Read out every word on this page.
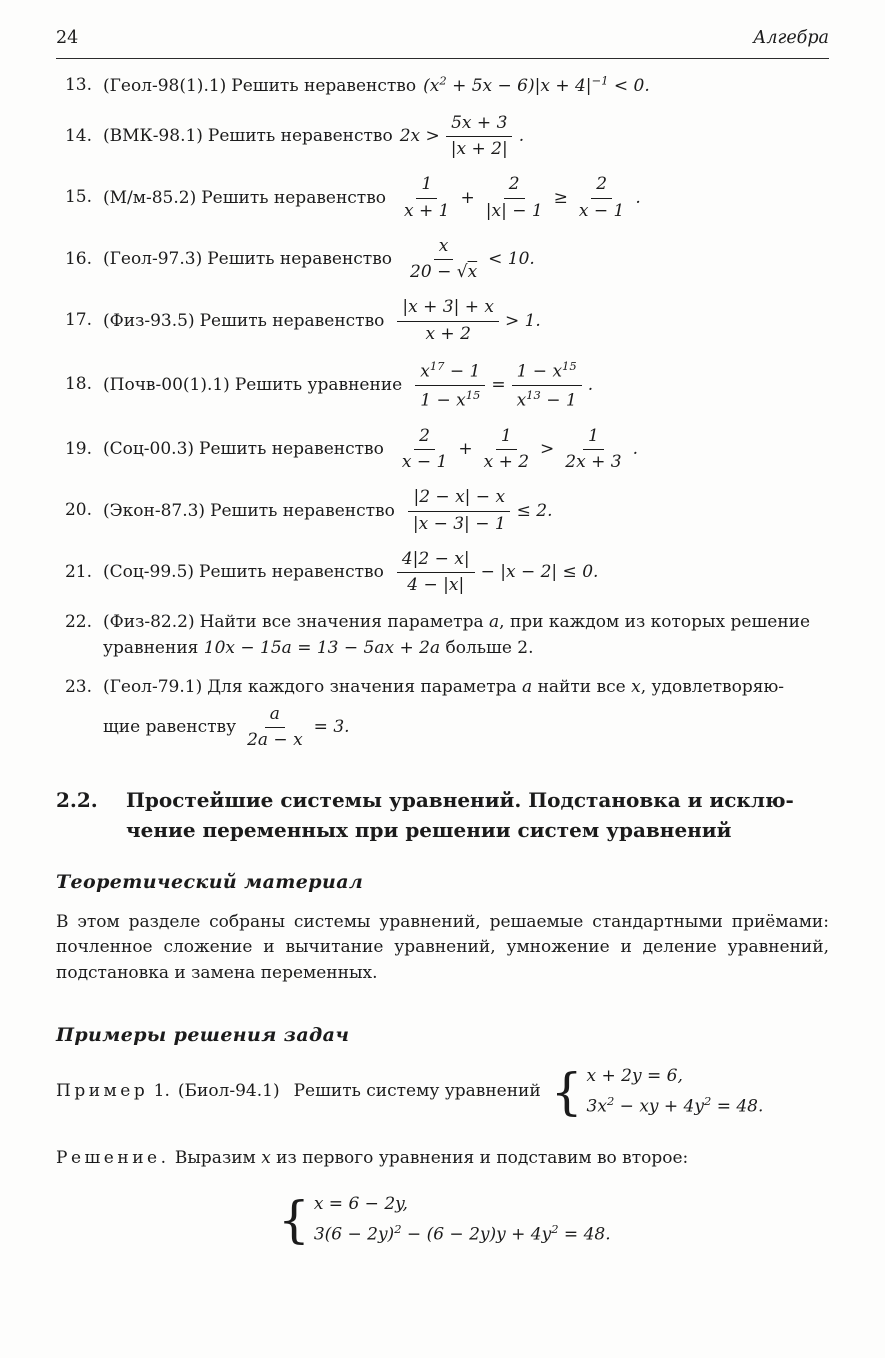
24	Алгебра
13. (Геол-98(1).1) Решить неравенство $(x^2 + 5x - 6)|x + 4|^{-1} < 0$.
14. (ВМК-98.1) Решить неравенство $2x > \frac{5x + 3}{|x + 2|}$ .
15. (М/м-85.2) Решить неравенство $\frac{1}{x + 1} + \frac{2}{|x| - 1} \ge \frac{2}{x - 1}$ .
16. (Геол-97.3) Решить неравенство $\frac{x}{20 - √x} < 10$.
17. (Физ-93.5) Решить неравенство $\frac{|x + 3| + x}{x + 2} > 1$.
18. (Почв-00(1).1) Решить уравнение $\frac{x^{17} - 1}{1 - x^{15}} = \frac{1 - x^{15}}{x^{13} - 1}$ .
19. (Соц-00.3) Решить неравенство $\frac{2}{x - 1} + \frac{1}{x + 2} > \frac{1}{2x + 3}$ .
20. (Экон-87.3) Решить неравенство $\frac{|2 - x| - x}{|x - 3| - 1} \le 2$.
21. (Соц-99.5) Решить неравенство $\frac{4|2 - x|}{4 - |x|} - |x - 2| \le 0$.
22. (Физ-82.2) Найти все значения параметра a, при каждом из которых решение
уравнения 10x − 15a = 13 − 5ax + 2a больше 2.
23. (Геол-79.1) Для каждого значения параметра a найти все x, удовлетворяю-
щие равенству $\frac{a}{2a - x} = 3$.
2.2.	Простейшие системы уравнений. Подстановка и исклю-
чение переменных при решении систем уравнений
Теоретический материал
В этом разделе собраны системы уравнений, решаемые стандартными приёмами: почленное сложение и вычитание уравнений, умножение и деление уравнений, подстановка и замена переменных.
Примеры решения задач
Пример
1. (Биол-94.1) Решить систему уравнений { x + 2y = 6,
$3x^2$ − xy + $4y^2 = 48$.
Решение. Выразим x из первого уравнения и подставим во второе:
{ x = 6 − 2y,
$3(6 - 2y)^2 - (6 - 2y)y + 4y^2 = 48$.
